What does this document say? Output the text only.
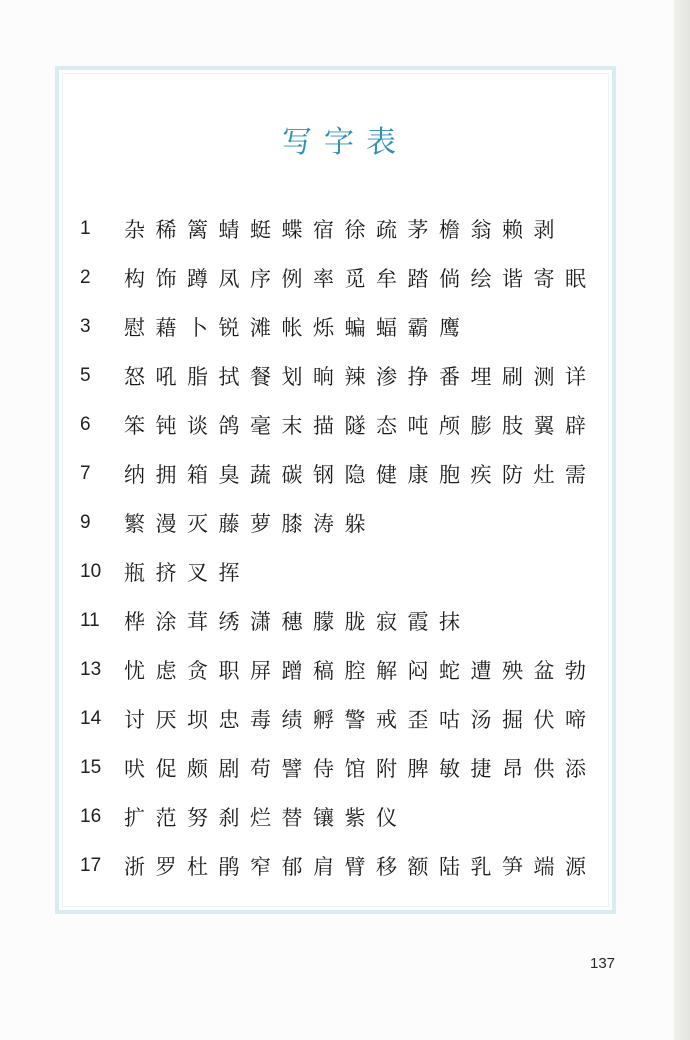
写字表
1	杂稀篱蜻蜓蝶宿徐疏茅檐翁赖剥
2	构饰蹲凤序例率觅牟踏倘绘谐寄眠
3	慰藉卜锐滩帐烁蝙蝠霸鹰
5	怒吼脂拭餐划晌辣渗挣番埋刷测详
6	笨钝谈鸽毫末描隧态吨颅膨肢翼辟
7	纳拥箱臭蔬碳钢隐健康胞疾防灶需
9	繁漫灭藤萝膝涛躲
10	瓶挤叉挥
11	桦涂茸绣潇穗朦胧寂霞抹
13	忧虑贪职屏蹭稿腔解闷蛇遭殃盆勃
14	讨厌坝忠毒绩孵警戒歪咕汤掘伏啼
15	吠促颇剧苟譬侍馆附脾敏捷昂供添
16	扩范努刹烂替镶紫仪
17	浙罗杜鹃窄郁肩臂移额陆乳笋端源
137
